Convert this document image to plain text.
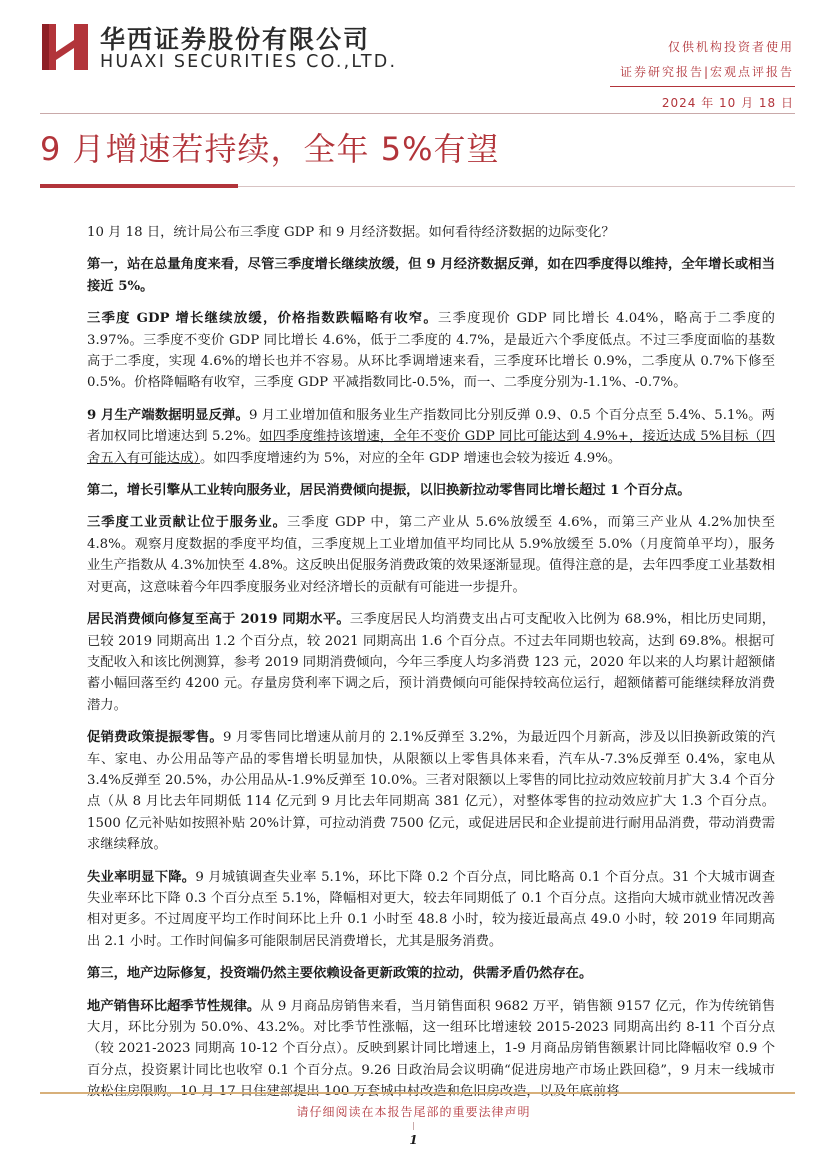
华西证券股份有限公司
HUAXI SECURITIES CO.,LTD.
仅供机构投资者使用
证券研究报告|宏观点评报告
2024 年 10 月 18 日
9 月增速若持续，全年 5%有望

10 月 18 日，统计局公布三季度 GDP 和 9 月经济数据。如何看待经济数据的边际变化？

第一，站在总量角度来看，尽管三季度增长继续放缓，但 9 月经济数据反弹，如在四季度得以维持，全年增长或相当接近 5%。

三季度 GDP 增长继续放缓，价格指数跌幅略有收窄。三季度现价 GDP 同比增长 4.04%，略高于二季度的 3.97%。三季度不变价 GDP 同比增长 4.6%，低于二季度的 4.7%，是最近六个季度低点。不过三季度面临的基数高于二季度，实现 4.6%的增长也并不容易。从环比季调增速来看，三季度环比增长 0.9%，二季度从 0.7%下修至 0.5%。价格降幅略有收窄，三季度 GDP 平减指数同比-0.5%，而一、二季度分别为-1.1%、-0.7%。

9 月生产端数据明显反弹。9 月工业增加值和服务业生产指数同比分别反弹 0.9、0.5 个百分点至 5.4%、5.1%。两者加权同比增速达到 5.2%。如四季度维持该增速，全年不变价 GDP 同比可能达到 4.9%+，接近达成 5%目标（四舍五入有可能达成）。如四季度增速约为 5%，对应的全年 GDP 增速也会较为接近 4.9%。

第二，增长引擎从工业转向服务业，居民消费倾向提振，以旧换新拉动零售同比增长超过 1 个百分点。

三季度工业贡献让位于服务业。三季度 GDP 中，第二产业从 5.6%放缓至 4.6%，而第三产业从 4.2%加快至 4.8%。观察月度数据的季度平均值，三季度规上工业增加值平均同比从 5.9%放缓至 5.0%（月度简单平均），服务业生产指数从 4.3%加快至 4.8%。这反映出促服务消费政策的效果逐渐显现。值得注意的是，去年四季度工业基数相对更高，这意味着今年四季度服务业对经济增长的贡献有可能进一步提升。

居民消费倾向修复至高于 2019 同期水平。三季度居民人均消费支出占可支配收入比例为 68.9%，相比历史同期，已较 2019 同期高出 1.2 个百分点，较 2021 同期高出 1.6 个百分点。不过去年同期也较高，达到 69.8%。根据可支配收入和该比例测算，参考 2019 同期消费倾向，今年三季度人均多消费 123 元，2020 年以来的人均累计超额储蓄小幅回落至约 4200 元。存量房贷利率下调之后，预计消费倾向可能保持较高位运行，超额储蓄可能继续释放消费潜力。

促销费政策提振零售。9 月零售同比增速从前月的 2.1%反弹至 3.2%，为最近四个月新高，涉及以旧换新政策的汽车、家电、办公用品等产品的零售增长明显加快，从限额以上零售具体来看，汽车从-7.3%反弹至 0.4%，家电从 3.4%反弹至 20.5%，办公用品从-1.9%反弹至 10.0%。三者对限额以上零售的同比拉动效应较前月扩大 3.4 个百分点（从 8 月比去年同期低 114 亿元到 9 月比去年同期高 381 亿元），对整体零售的拉动效应扩大 1.3 个百分点。1500 亿元补贴如按照补贴 20%计算，可拉动消费 7500 亿元，或促进居民和企业提前进行耐用品消费，带动消费需求继续释放。

失业率明显下降。9 月城镇调查失业率 5.1%，环比下降 0.2 个百分点，同比略高 0.1 个百分点。31 个大城市调查失业率环比下降 0.3 个百分点至 5.1%，降幅相对更大，较去年同期低了 0.1 个百分点。这指向大城市就业情况改善相对更多。不过周度平均工作时间环比上升 0.1 小时至 48.8 小时，较为接近最高点 49.0 小时，较 2019 年同期高出 2.1 小时。工作时间偏多可能限制居民消费增长，尤其是服务消费。

第三，地产边际修复，投资端仍然主要依赖设备更新政策的拉动，供需矛盾仍然存在。

地产销售环比超季节性规律。从 9 月商品房销售来看，当月销售面积 9682 万平，销售额 9157 亿元，作为传统销售大月，环比分别为 50.0%、43.2%。对比季节性涨幅，这一组环比增速较 2015-2023 同期高出约 8-11 个百分点（较 2021-2023 同期高 10-12 个百分点）。反映到累计同比增速上，1-9 月商品房销售额累计同比降幅收窄 0.9 个百分点，投资累计同比也收窄 0.1 个百分点。9.26 日政治局会议明确“促进房地产市场止跌回稳”，9 月末一线城市

请仔细阅读在本报告尾部的重要法律声明
1
